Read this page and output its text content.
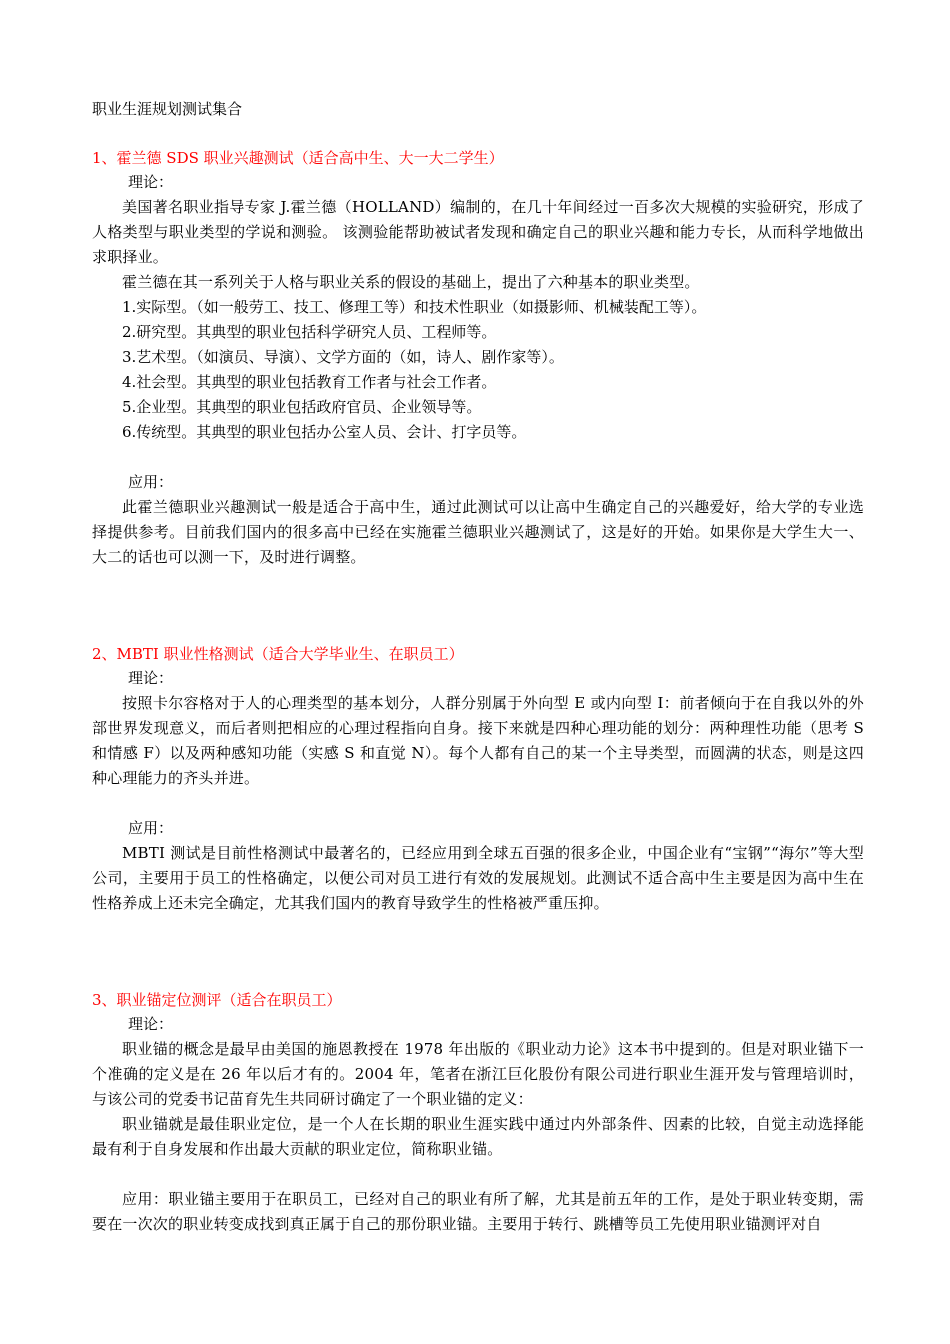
职业生涯规划测试集合

1、霍兰德 SDS 职业兴趣测试（适合高中生、大一大二学生）

理论：

美国著名职业指导专家 J.霍兰德（HOLLAND）编制的，在几十年间经过一百多次大规模的实验研究，形成了人格类型与职业类型的学说和测验。 该测验能帮助被试者发现和确定自己的职业兴趣和能力专长，从而科学地做出求职择业。

霍兰德在其一系列关于人格与职业关系的假设的基础上，提出了六种基本的职业类型。

1.实际型。（如一般劳工、技工、修理工等）和技术性职业（如摄影师、机械装配工等）。

2.研究型。其典型的职业包括科学研究人员、工程师等。

3.艺术型。（如演员、导演）、文学方面的（如，诗人、剧作家等）。

4.社会型。其典型的职业包括教育工作者与社会工作者。

5.企业型。其典型的职业包括政府官员、企业领导等。

6.传统型。其典型的职业包括办公室人员、会计、打字员等。

应用：

此霍兰德职业兴趣测试一般是适合于高中生，通过此测试可以让高中生确定自己的兴趣爱好，给大学的专业选择提供参考。目前我们国内的很多高中已经在实施霍兰德职业兴趣测试了，这是好的开始。如果你是大学生大一、大二的话也可以测一下，及时进行调整。

2、MBTI 职业性格测试（适合大学毕业生、在职员工）

理论：

按照卡尔容格对于人的心理类型的基本划分，人群分别属于外向型 E 或内向型 I：前者倾向于在自我以外的外部世界发现意义，而后者则把相应的心理过程指向自身。接下来就是四种心理功能的划分：两种理性功能（思考 S 和情感 F）以及两种感知功能（实感 S 和直觉 N）。每个人都有自己的某一个主导类型，而圆满的状态，则是这四种心理能力的齐头并进。

应用：

MBTI 测试是目前性格测试中最著名的，已经应用到全球五百强的很多企业，中国企业有“宝钢”“海尔”等大型公司，主要用于员工的性格确定，以便公司对员工进行有效的发展规划。此测试不适合高中生主要是因为高中生在性格养成上还未完全确定，尤其我们国内的教育导致学生的性格被严重压抑。

3、职业锚定位测评（适合在职员工）

理论：

职业锚的概念是最早由美国的施恩教授在 1978 年出版的《职业动力论》这本书中提到的。但是对职业锚下一个准确的定义是在 26 年以后才有的。2004 年，笔者在浙江巨化股份有限公司进行职业生涯开发与管理培训时，与该公司的党委书记苗育先生共同研讨确定了一个职业锚的定义：

职业锚就是最佳职业定位，是一个人在长期的职业生涯实践中通过内外部条件、因素的比较，自觉主动选择能最有利于自身发展和作出最大贡献的职业定位，简称职业锚。

应用：职业锚主要用于在职员工，已经对自己的职业有所了解，尤其是前五年的工作，是处于职业转变期，需要在一次次的职业转变成找到真正属于自己的那份职业锚。主要用于转行、跳槽等员工先使用职业锚测评对自
